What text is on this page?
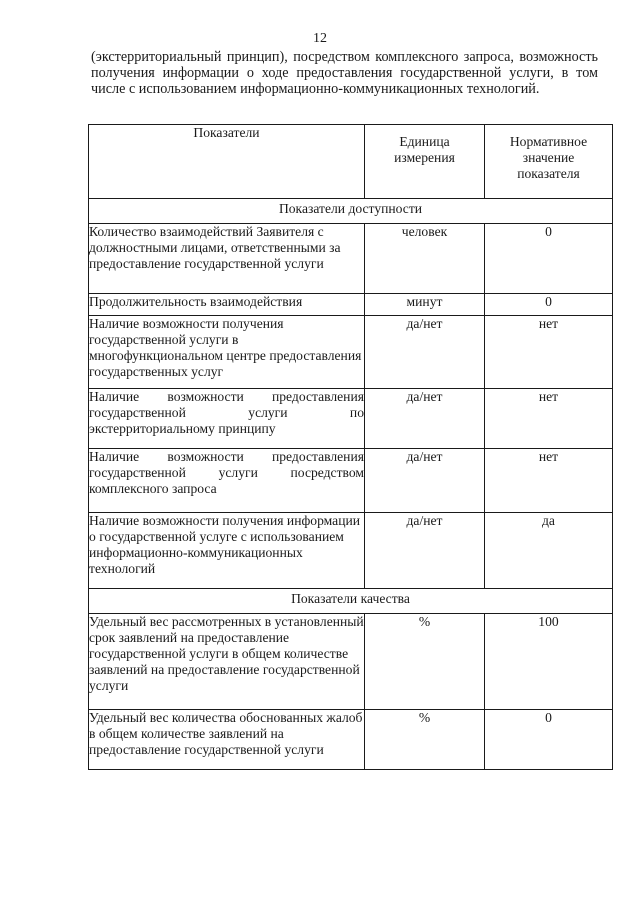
12
(экстерриториальный принцип), посредством комплексного запроса, возможность получения информации о ходе предоставления государственной услуги, в том числе с использованием информационно-коммуникационных технологий.
Показатели	Единица измерения	Нормативное значение показателя
Показатели доступности		
Количество взаимодействий Заявителя с должностными лицами, ответственными за предоставление государственной услуги	человек	0
Продолжительность взаимодействия	минут	0
Наличие возможности получения государственной услуги в многофункциональном центре предоставления государственных услуг	да/нет	нет
Наличие возможности предоставления государственной услуги по экстерриториальному принципу	да/нет	нет
Наличие возможности предоставления государственной услуги посредством комплексного запроса	да/нет	нет
Наличие возможности получения информации о государственной услуге с использованием информационно-коммуникационных технологий	да/нет	да
Показатели качества		
Удельный вес рассмотренных в установленный срок заявлений на предоставление государственной услуги в общем количестве заявлений на предоставление государственной услуги	%	100
Удельный вес количества обоснованных жалоб в общем количестве заявлений на предоставление государственной услуги	%	0
